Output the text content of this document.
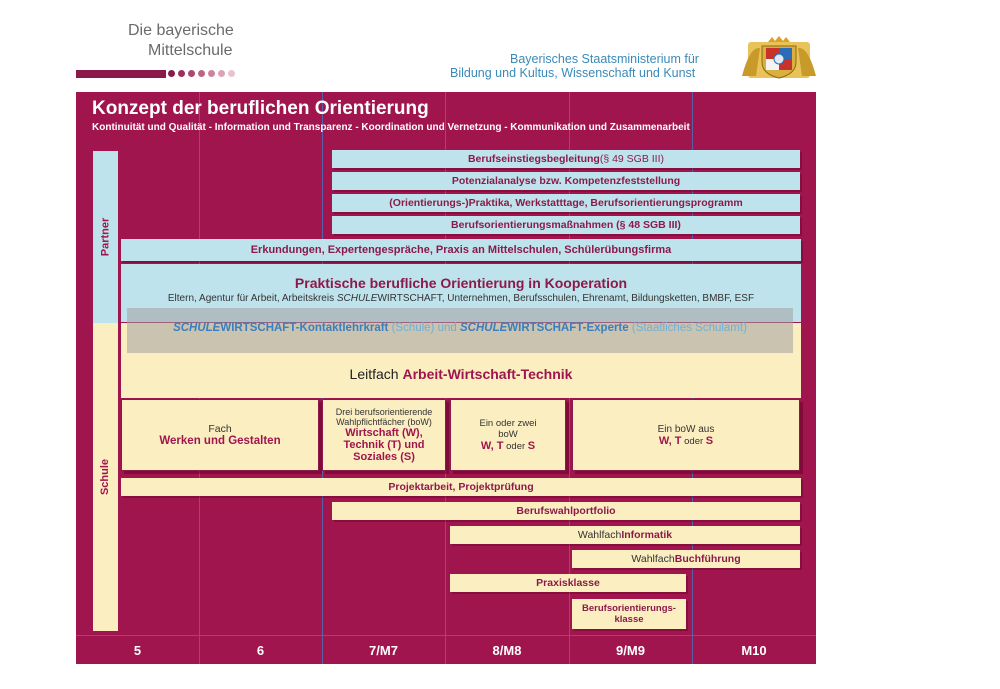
Die bayerische
Mittelschule	Bayerisches Staatsministerium für
Bildung und Kultus, Wissenschaft und Kunst
Konzept der beruflichen Orientierung
Kontinuität und Qualität - Information und Transparenz - Koordination und Vernetzung - Kommunikation und Zusammenarbeit
Partner
Schule
Berufseinstiegsbegleitung (§ 49 SGB III)
Potenzialanalyse bzw. Kompetenzfeststellung
(Orientierungs-)Praktika, Werkstatttage, Berufsorientierungsprogramm
Berufsorientierungsmaßnahmen (§ 48 SGB III)
Erkundungen, Expertengespräche, Praxis an Mittelschulen, Schülerübungsfirma
Praktische berufliche Orientierung in Kooperation
Eltern, Agentur für Arbeit, Arbeitskreis SCHULEWIRTSCHAFT, Unternehmen, Berufsschulen, Ehrenamt, Bildungsketten, BMBF, ESF
SCHULEWIRTSCHAFT-Kontaktlehrkraft (Schule) und SCHULEWIRTSCHAFT-Experte (Staatliches Schulamt)
Leitfach Arbeit-Wirtschaft-Technik
Fach
Werken und Gestalten
Drei berufsorientierende
Wahlpflichtfächer (boW)
Wirtschaft (W),
Technik (T) und
Soziales (S)
Ein oder zwei
boW
W, T oder S
Ein boW aus
W, T oder S
Projektarbeit, Projektprüfung
Berufswahlportfolio
Wahlfach Informatik
Wahlfach Buchführung
Praxisklasse
Berufsorientierungs-
klasse
5	6	7/M7	8/M8	9/M9	M10
